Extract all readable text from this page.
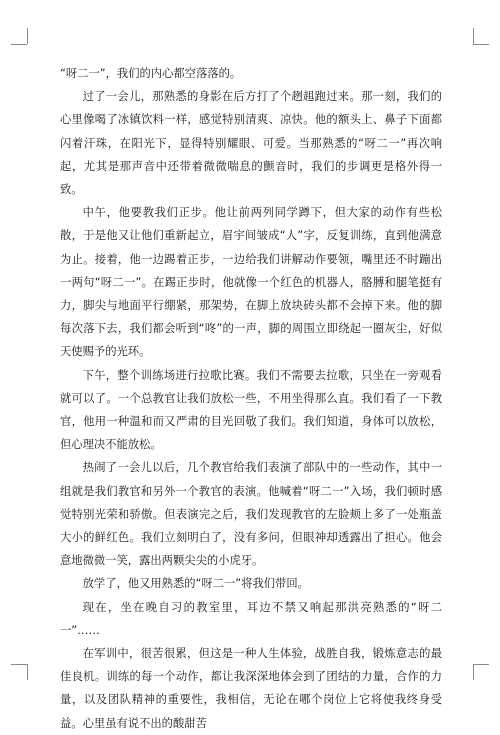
“呀二一”，我们的内心都空落落的。

过了一会儿，那熟悉的身影在后方打了个趔趄跑过来。那一刻，我们的心里像喝了冰镇饮料一样，感觉特别清爽、凉快。他的额头上、鼻子下面都闪着汗珠，在阳光下，显得特别耀眼、可爱。当那熟悉的“呀二一”再次响起，尤其是那声音中还带着微微喘息的颤音时，我们的步调更是格外得一致。

中午，他要教我们正步。他让前两列同学蹲下，但大家的动作有些松散，于是他又让他们重新起立，眉宇间皱成“人”字，反复训练，直到他满意为止。接着，他一边踢着正步，一边给我们讲解动作要领，嘴里还不时蹦出一两句“呀二一”。在踢正步时，他就像一个红色的机器人，胳膊和腿笔挺有力，脚尖与地面平行绷紧，那架势，在脚上放块砖头都不会掉下来。他的脚每次落下去，我们都会听到“咚”的一声，脚的周围立即绕起一圈灰尘，好似天使赐予的光环。

下午，整个训练场进行拉歌比赛。我们不需要去拉歌，只坐在一旁观看就可以了。一个总教官让我们放松一些，不用坐得那么直。我们看了一下教官，他用一种温和而又严肃的目光回敬了我们。我们知道，身体可以放松，但心理决不能放松。

热闹了一会儿以后，几个教官给我们表演了部队中的一些动作，其中一组就是我们教官和另外一个教官的表演。他喊着“呀二一”入场，我们顿时感觉特别光荣和骄傲。但表演完之后，我们发现教官的左脸颊上多了一处瓶盖大小的鲜红色。我们立刻明白了，没有多问，但眼神却透露出了担心。他会意地微微一笑，露出两颗尖尖的小虎牙。

放学了，他又用熟悉的“呀二一”将我们带回。

现在，坐在晚自习的教室里，耳边不禁又响起那洪亮熟悉的“呀二一”……

在军训中，很苦很累，但这是一种人生体验，战胜自我，锻炼意志的最佳良机。训练的每一个动作，都让我深深地体会到了团结的力量，合作的力量，以及团队精神的重要性，我相信，无论在哪个岗位上它将使我终身受益。心里虽有说不出的酸甜苦
